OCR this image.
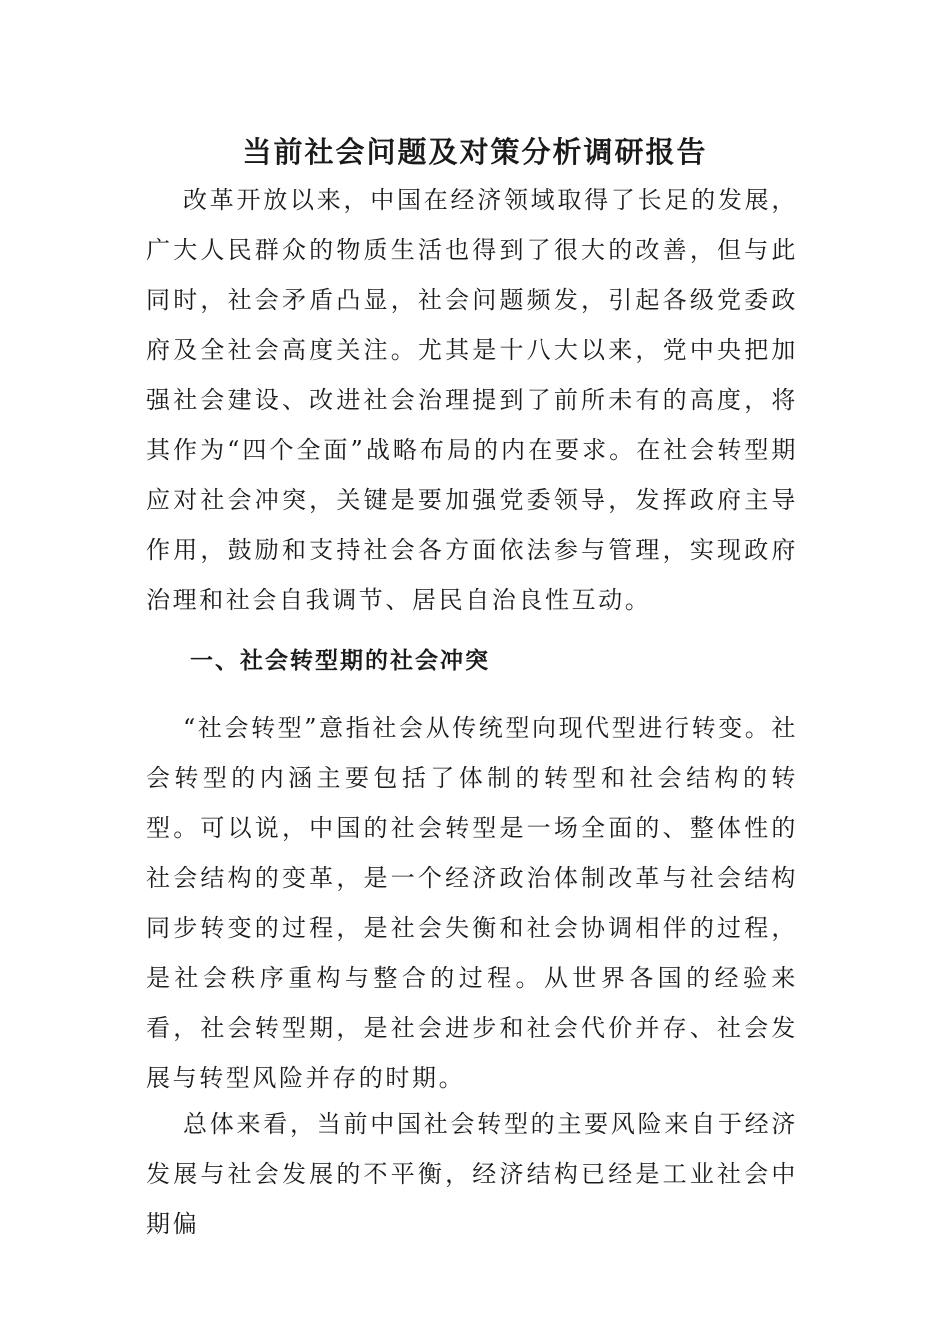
当前社会问题及对策分析调研报告

改革开放以来，中国在经济领域取得了长足的发展，广大人民群众的物质生活也得到了很大的改善，但与此同时，社会矛盾凸显，社会问题频发，引起各级党委政府及全社会高度关注。尤其是十八大以来，党中央把加强社会建设、改进社会治理提到了前所未有的高度，将其作为“四个全面”战略布局的内在要求。在社会转型期应对社会冲突，关键是要加强党委领导，发挥政府主导作用，鼓励和支持社会各方面依法参与管理，实现政府治理和社会自我调节、居民自治良性互动。

一、社会转型期的社会冲突

“社会转型”意指社会从传统型向现代型进行转变。社会转型的内涵主要包括了体制的转型和社会结构的转型。可以说，中国的社会转型是一场全面的、整体性的社会结构的变革，是一个经济政治体制改革与社会结构同步转变的过程，是社会失衡和社会协调相伴的过程，是社会秩序重构与整合的过程。从世界各国的经验来看，社会转型期，是社会进步和社会代价并存、社会发展与转型风险并存的时期。

总体来看，当前中国社会转型的主要风险来自于经济发展与社会发展的不平衡，经济结构已经是工业社会中期偏
